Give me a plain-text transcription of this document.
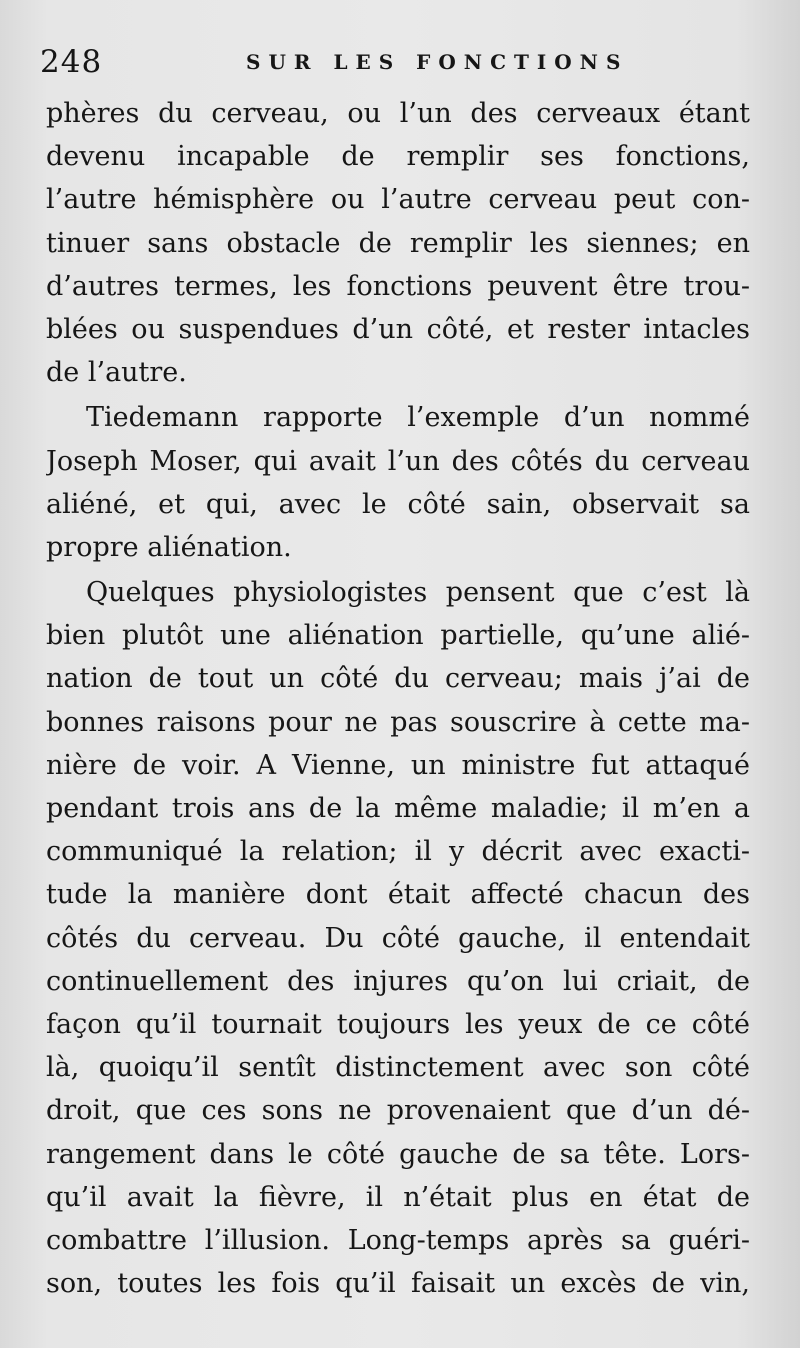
248	SUR LES FONCTIONS
phères du cerveau, ou l’un des cerveaux étant
devenu incapable de remplir ses fonctions,
l’autre hémisphère ou l’autre cerveau peut con-
tinuer sans obstacle de remplir les siennes; en
d’autres termes, les fonctions peuvent être trou-
blées ou suspendues d’un côté, et rester intacles
de l’autre.
Tiedemann rapporte l’exemple d’un nommé
Joseph Moser, qui avait l’un des côtés du cerveau
aliéné, et qui, avec le côté sain, observait sa
propre aliénation.
Quelques physiologistes pensent que c’est là
bien plutôt une aliénation partielle, qu’une alié-
nation de tout un côté du cerveau; mais j’ai de
bonnes raisons pour ne pas souscrire à cette ma-
nière de voir. A Vienne, un ministre fut attaqué
pendant trois ans de la même maladie; il m’en a
communiqué la relation; il y décrit avec exacti-
tude la manière dont était affecté chacun des
côtés du cerveau. Du côté gauche, il entendait
continuellement des injures qu’on lui criait, de
façon qu’il tournait toujours les yeux de ce côté
là, quoiqu’il sentît distinctement avec son côté
droit, que ces sons ne provenaient que d’un dé-
rangement dans le côté gauche de sa tête. Lors-
qu’il avait la fièvre, il n’était plus en état de
combattre l’illusion. Long-temps après sa guéri-
son, toutes les fois qu’il faisait un excès de vin,
